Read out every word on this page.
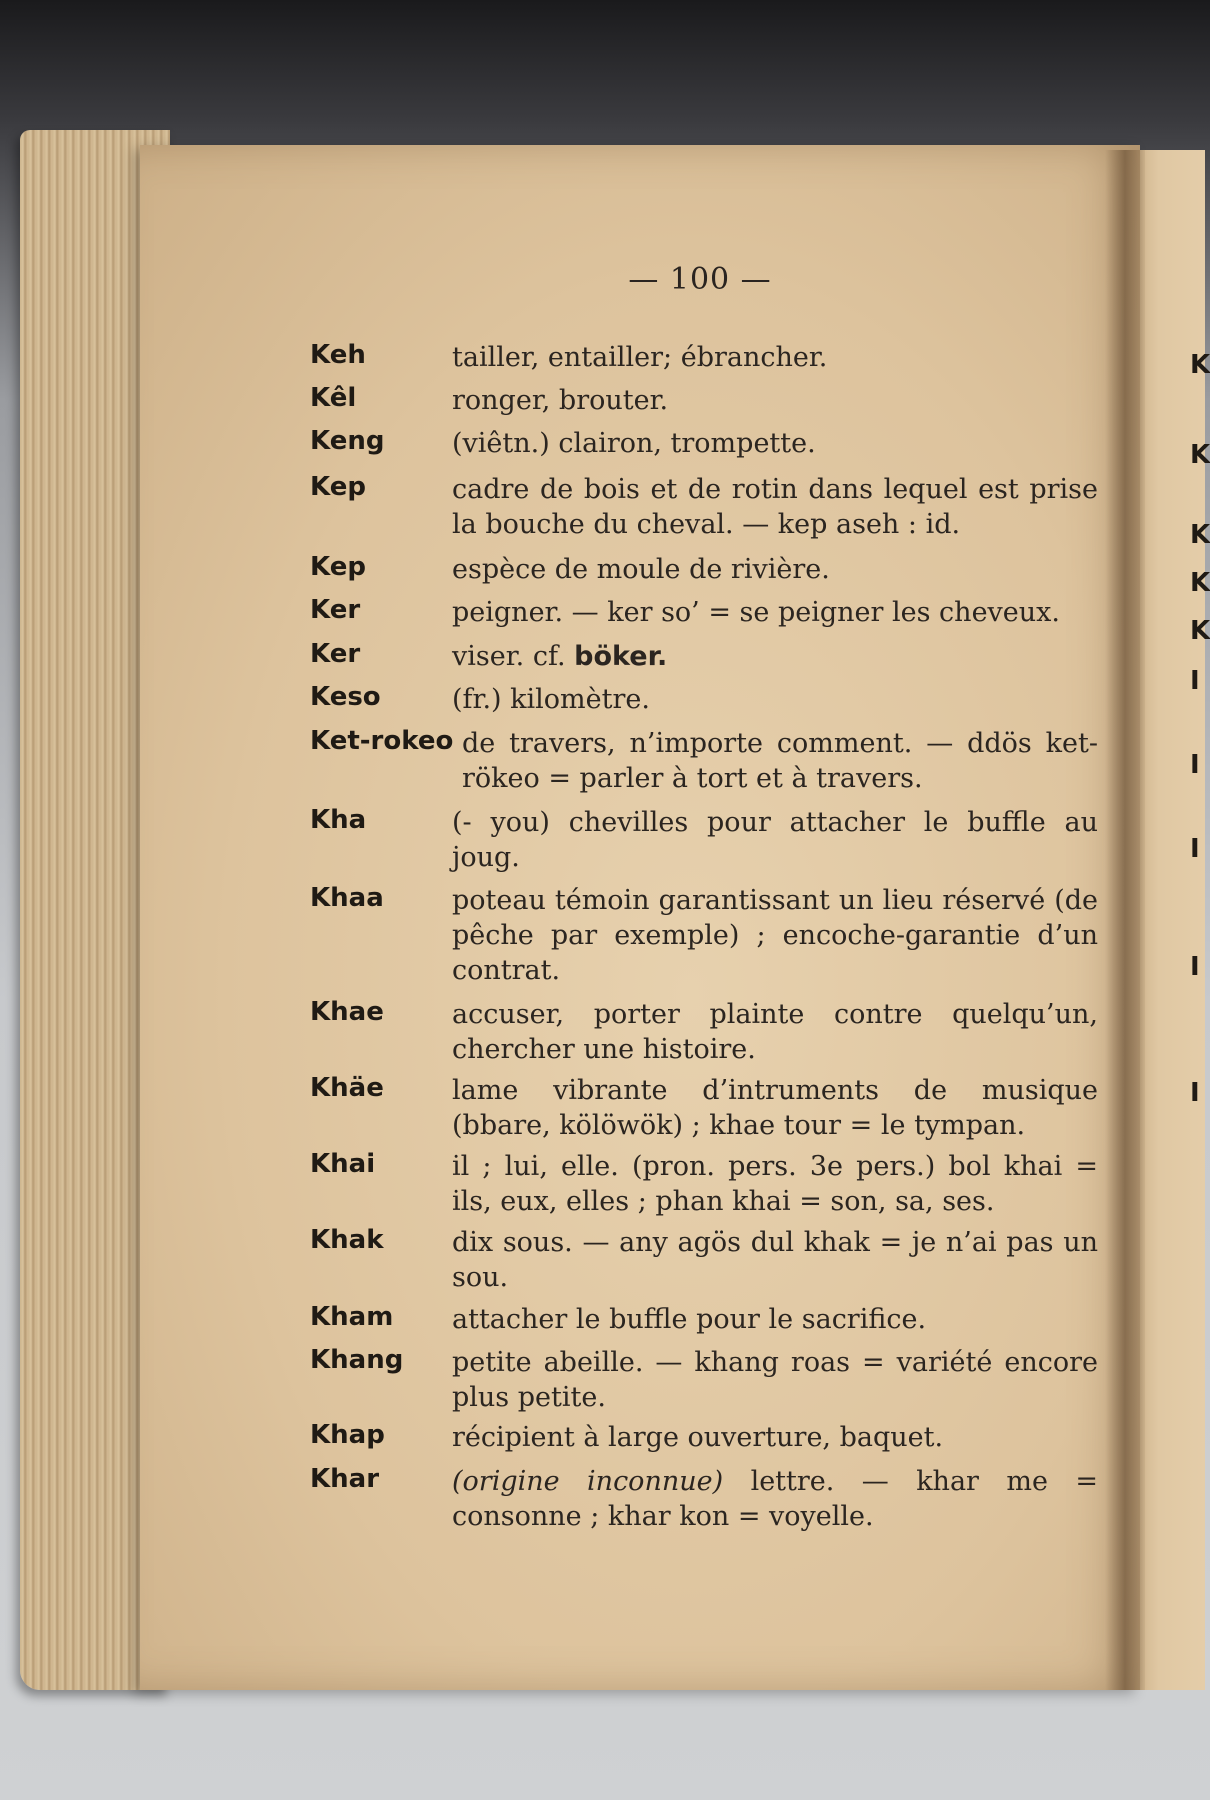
K
K
K
K
K
I
I
I
I
I
— 100 —
Keh	tailler, entailler; ébrancher.
Kêl	ronger, brouter.
Keng	(viêtn.) clairon, trompette.
Kep	cadre de bois et de rotin dans lequel est prise la bouche du cheval. — kep aseh : id.
Kep	espèce de moule de rivière.
Ker	peigner. — ker so’ = se peigner les cheveux.
Ker	viser. cf. böker.
Keso	(fr.) kilomètre.
Ket-rokeo de travers, n’importe comment. — ddös ket-rökeo = parler à tort et à travers.
Kha	(- you) chevilles pour attacher le buffle au joug.
Khaa	poteau témoin garantissant un lieu réservé (de pêche par exemple) ; encoche-garantie d’un contrat.
Khae	accuser, porter plainte contre quelqu’un, chercher une histoire.
Khäe	lame vibrante d’intruments de musique (bbare, kölöwök) ; khae tour = le tympan.
Khai	il ; lui, elle. (pron. pers. 3e pers.) bol khai = ils, eux, elles ; phan khai = son, sa, ses.
Khak	dix sous. — any agös dul khak = je n’ai pas un sou.
Kham attacher le buffle pour le sacrifice.
Khang petite abeille. — khang roas = variété encore plus petite.
Khap récipient à large ouverture, baquet.
Khar	(origine inconnue) lettre. — khar me = consonne ; khar kon = voyelle.
